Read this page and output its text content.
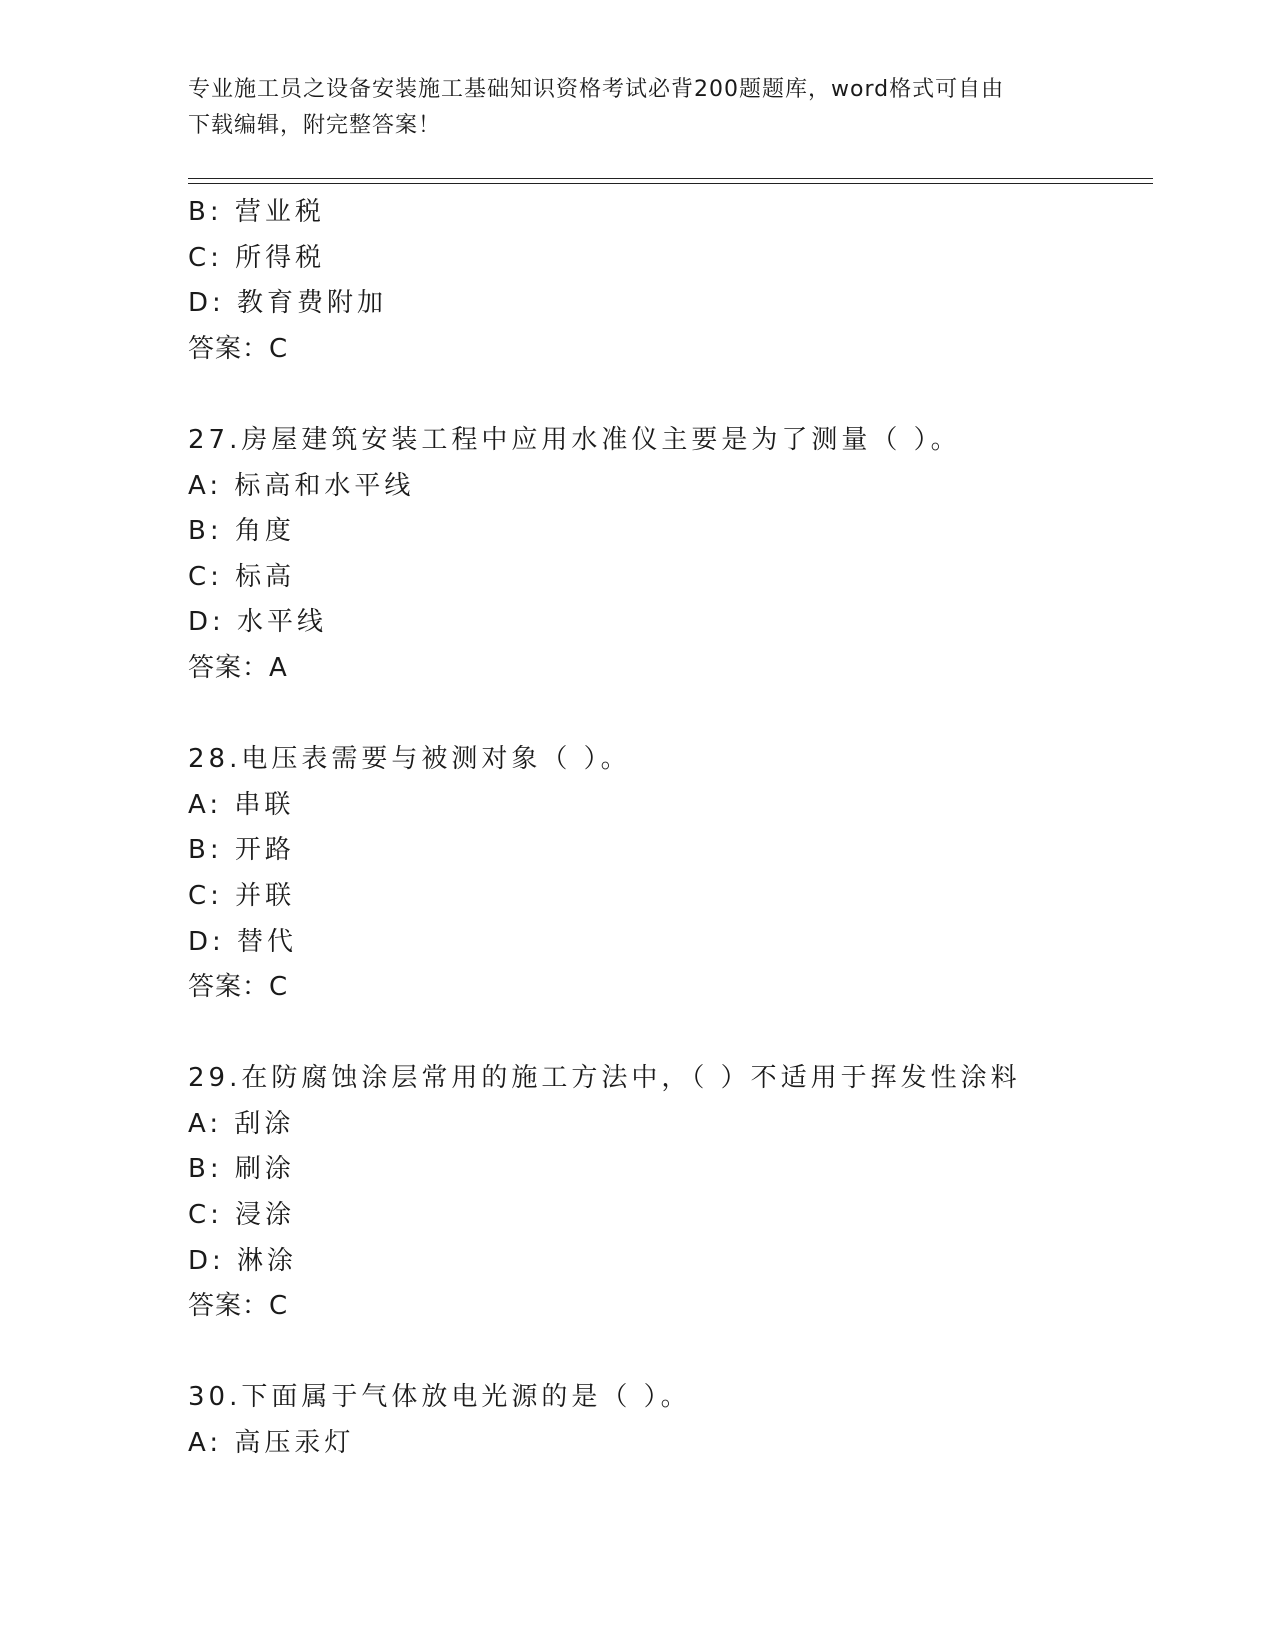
专业施工员之设备安装施工基础知识资格考试必背200题题库，word格式可自由
下载编辑，附完整答案！
B: 营业税
C: 所得税
D: 教育费附加
答案：C
27.房屋建筑安装工程中应用水准仪主要是为了测量（ ）。
A: 标高和水平线
B: 角度
C: 标高
D: 水平线
答案：A
28.电压表需要与被测对象（ ）。
A: 串联
B: 开路
C: 并联
D: 替代
答案：C
29.在防腐蚀涂层常用的施工方法中，（ ）不适用于挥发性涂料
A: 刮涂
B: 刷涂
C: 浸涂
D: 淋涂
答案：C
30.下面属于气体放电光源的是（ ）。
A: 高压汞灯
